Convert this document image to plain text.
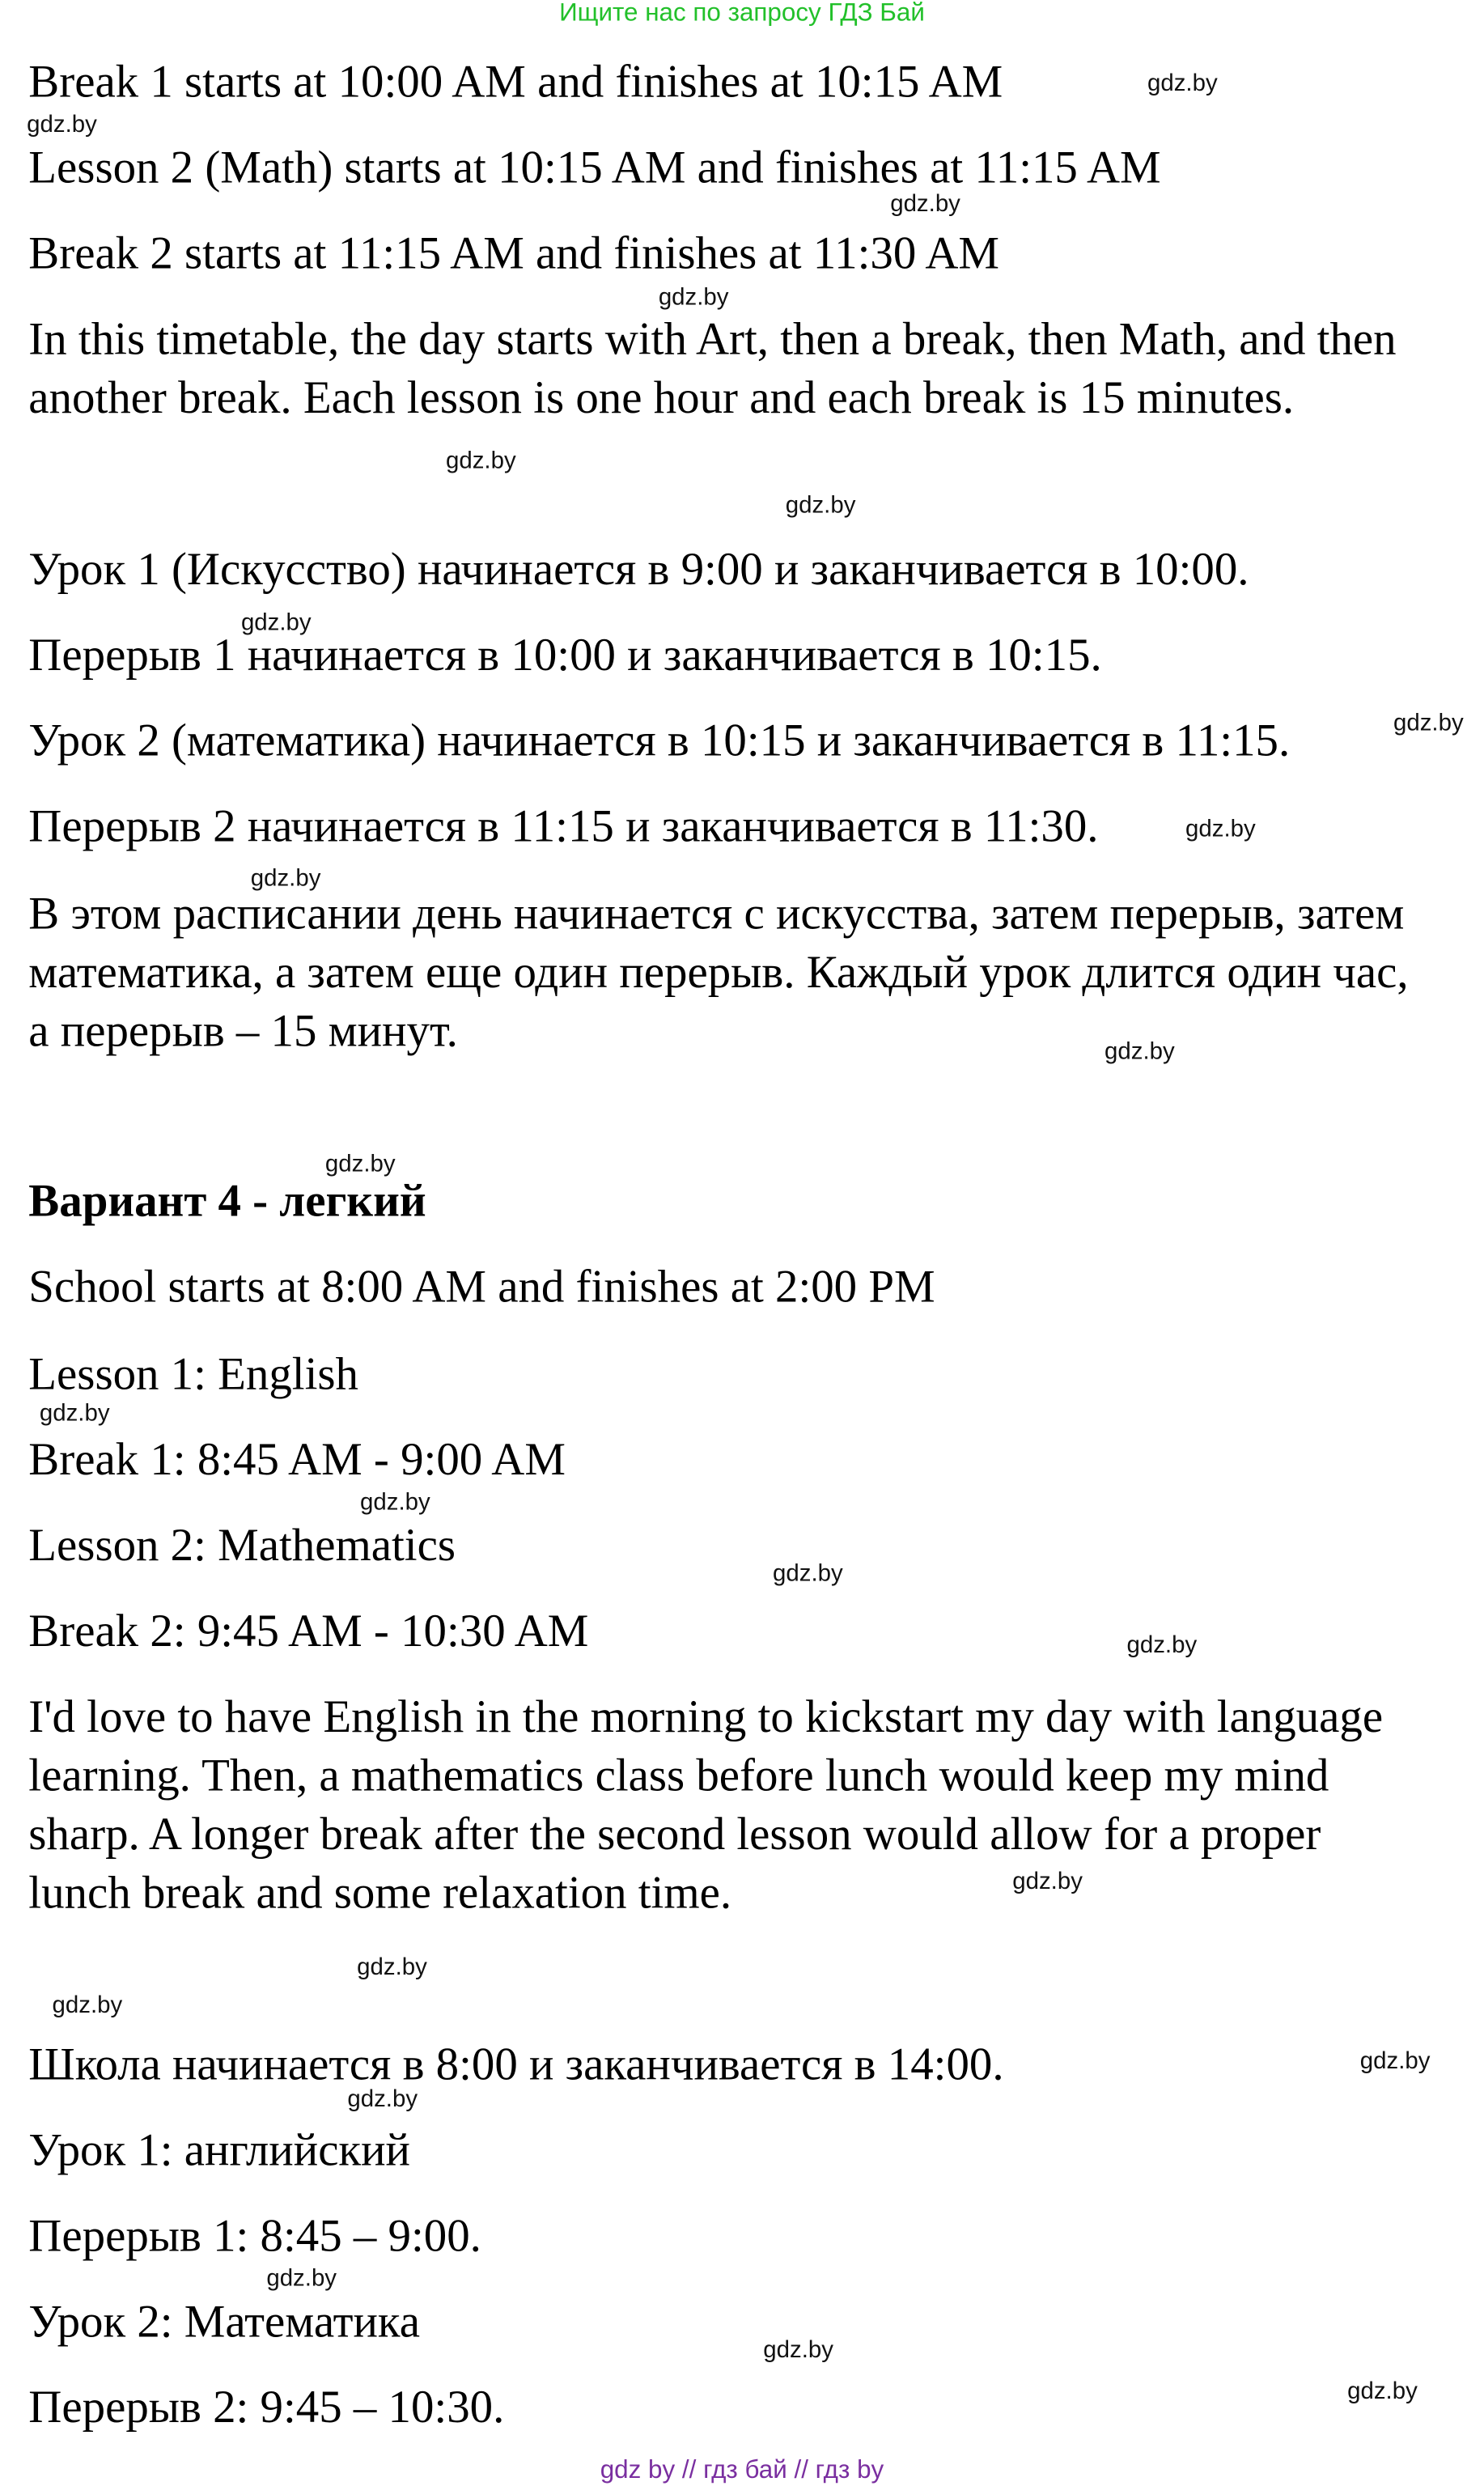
Ищите нас по запросу ГДЗ Бай
Break 1 starts at 10:00 AM and finishes at 10:15 AM
Lesson 2 (Math) starts at 10:15 AM and finishes at 11:15 AM
Break 2 starts at 11:15 AM and finishes at 11:30 AM
In this timetable, the day starts with Art, then a break, then Math, and then
another break. Each lesson is one hour and each break is 15 minutes.
Урок 1 (Искусство) начинается в 9:00 и заканчивается в 10:00.
Перерыв 1 начинается в 10:00 и заканчивается в 10:15.
Урок 2 (математика) начинается в 10:15 и заканчивается в 11:15.
Перерыв 2 начинается в 11:15 и заканчивается в 11:30.
В этом расписании день начинается с искусства, затем перерыв, затем
математика, а затем еще один перерыв. Каждый урок длится один час,
а перерыв – 15 минут.
Вариант 4 - легкий
School starts at 8:00 AM and finishes at 2:00 PM
Lesson 1: English
Break 1: 8:45 AM - 9:00 AM
Lesson 2: Mathematics
Break 2: 9:45 AM - 10:30 AM
I'd love to have English in the morning to kickstart my day with language
learning. Then, a mathematics class before lunch would keep my mind
sharp. A longer break after the second lesson would allow for a proper
lunch break and some relaxation time.
Школа начинается в 8:00 и заканчивается в 14:00.
Урок 1: английский
Перерыв 1: 8:45 – 9:00.
Урок 2: Математика
Перерыв 2: 9:45 – 10:30.
gdz.by
gdz.by
gdz.by
gdz.by
gdz.by
gdz.by
gdz.by
gdz.by
gdz.by
gdz.by
gdz.by
gdz.by
gdz.by
gdz.by
gdz.by
gdz.by
gdz.by
gdz.by
gdz.by
gdz.by
gdz.by
gdz.by
gdz.by
gdz.by
gdz by // гдз бай // гдз by
